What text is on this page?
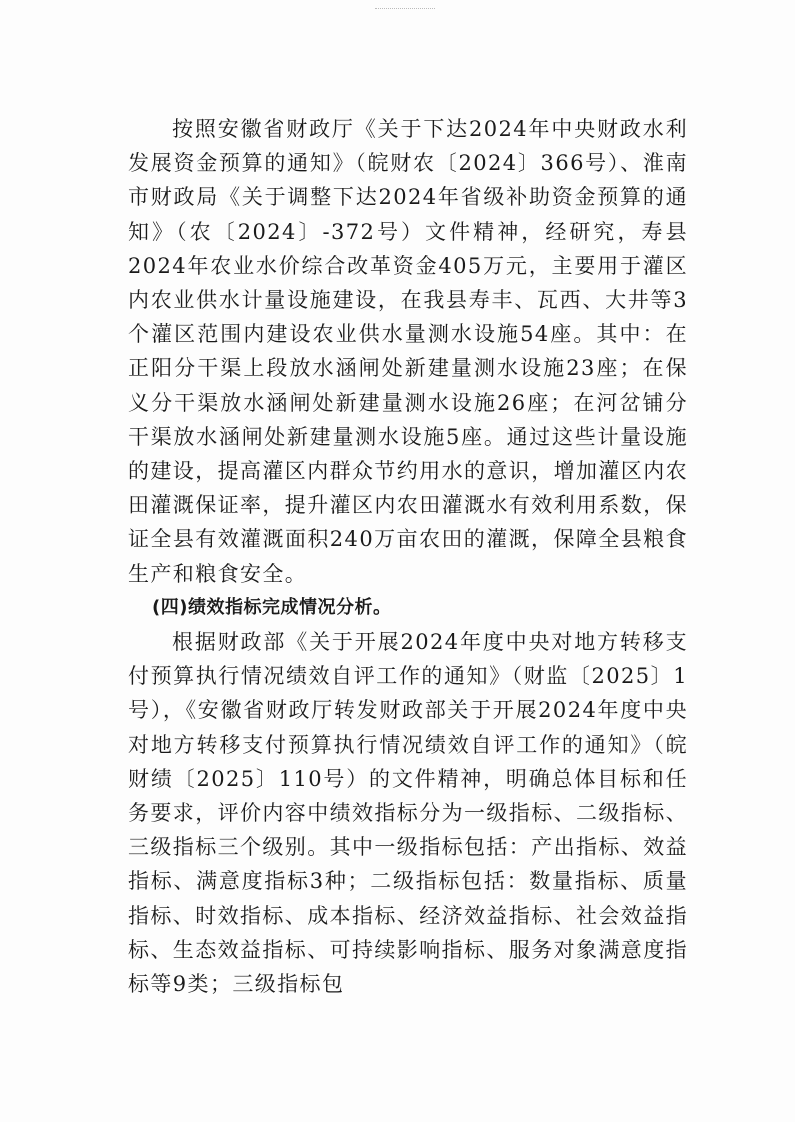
按照安徽省财政厅《关于下达2024年中央财政水利发展资金预算的通知》（皖财农〔2024〕366号）、淮南市财政局《关于调整下达2024年省级补助资金预算的通知》（农〔2024〕-372号）文件精神，经研究，寿县2024年农业水价综合改革资金405万元，主要用于灌区内农业供水计量设施建设，在我县寿丰、瓦西、大井等3个灌区范围内建设农业供水量测水设施54座。其中：在正阳分干渠上段放水涵闸处新建量测水设施23座；在保义分干渠放水涵闸处新建量测水设施26座；在河岔铺分干渠放水涵闸处新建量测水设施5座。通过这些计量设施的建设，提高灌区内群众节约用水的意识，增加灌区内农田灌溉保证率，提升灌区内农田灌溉水有效利用系数，保证全县有效灌溉面积240万亩农田的灌溉，保障全县粮食生产和粮食安全。

(四)绩效指标完成情况分析。

根据财政部《关于开展2024年度中央对地方转移支付预算执行情况绩效自评工作的通知》（财监〔2025〕1号），《安徽省财政厅转发财政部关于开展2024年度中央对地方转移支付预算执行情况绩效自评工作的通知》（皖财绩〔2025〕110号）的文件精神，明确总体目标和任务要求，评价内容中绩效指标分为一级指标、二级指标、三级指标三个级别。其中一级指标包括：产出指标、效益指标、满意度指标3种；二级指标包括：数量指标、质量指标、时效指标、成本指标、经济效益指标、社会效益指标、生态效益指标、可持续影响指标、服务对象满意度指标等9类；三级指标包
